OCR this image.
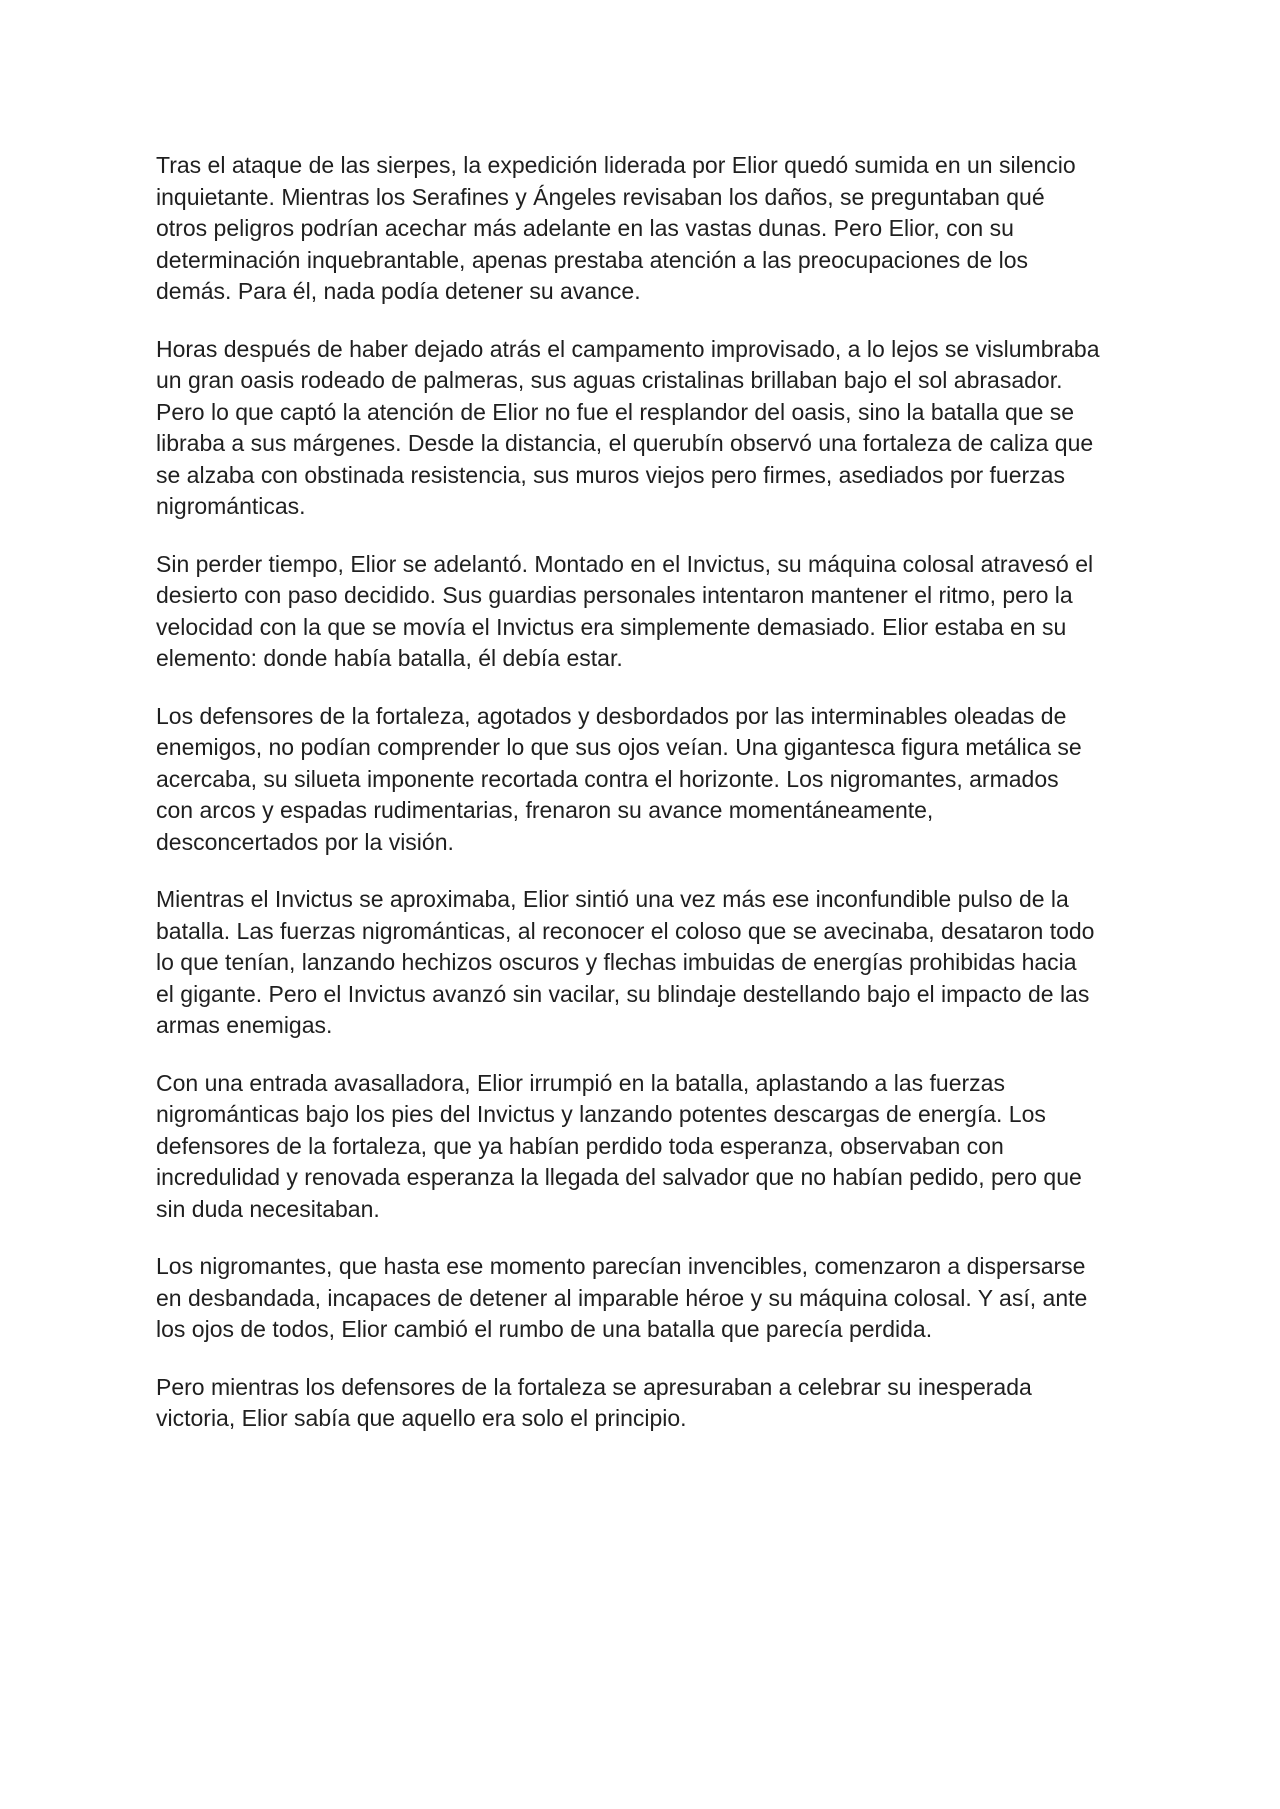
Tras el ataque de las sierpes, la expedición liderada por Elior quedó sumida en un silencio
inquietante. Mientras los Serafines y Ángeles revisaban los daños, se preguntaban qué
otros peligros podrían acechar más adelante en las vastas dunas. Pero Elior, con su
determinación inquebrantable, apenas prestaba atención a las preocupaciones de los
demás. Para él, nada podía detener su avance.

Horas después de haber dejado atrás el campamento improvisado, a lo lejos se vislumbraba
un gran oasis rodeado de palmeras, sus aguas cristalinas brillaban bajo el sol abrasador.
Pero lo que captó la atención de Elior no fue el resplandor del oasis, sino la batalla que se
libraba a sus márgenes. Desde la distancia, el querubín observó una fortaleza de caliza que
se alzaba con obstinada resistencia, sus muros viejos pero firmes, asediados por fuerzas
nigrománticas.

Sin perder tiempo, Elior se adelantó. Montado en el Invictus, su máquina colosal atravesó el
desierto con paso decidido. Sus guardias personales intentaron mantener el ritmo, pero la
velocidad con la que se movía el Invictus era simplemente demasiado. Elior estaba en su
elemento: donde había batalla, él debía estar.

Los defensores de la fortaleza, agotados y desbordados por las interminables oleadas de
enemigos, no podían comprender lo que sus ojos veían. Una gigantesca figura metálica se
acercaba, su silueta imponente recortada contra el horizonte. Los nigromantes, armados
con arcos y espadas rudimentarias, frenaron su avance momentáneamente,
desconcertados por la visión.

Mientras el Invictus se aproximaba, Elior sintió una vez más ese inconfundible pulso de la
batalla. Las fuerzas nigrománticas, al reconocer el coloso que se avecinaba, desataron todo
lo que tenían, lanzando hechizos oscuros y flechas imbuidas de energías prohibidas hacia
el gigante. Pero el Invictus avanzó sin vacilar, su blindaje destellando bajo el impacto de las
armas enemigas.

Con una entrada avasalladora, Elior irrumpió en la batalla, aplastando a las fuerzas
nigrománticas bajo los pies del Invictus y lanzando potentes descargas de energía. Los
defensores de la fortaleza, que ya habían perdido toda esperanza, observaban con
incredulidad y renovada esperanza la llegada del salvador que no habían pedido, pero que
sin duda necesitaban.

Los nigromantes, que hasta ese momento parecían invencibles, comenzaron a dispersarse
en desbandada, incapaces de detener al imparable héroe y su máquina colosal. Y así, ante
los ojos de todos, Elior cambió el rumbo de una batalla que parecía perdida.

Pero mientras los defensores de la fortaleza se apresuraban a celebrar su inesperada
victoria, Elior sabía que aquello era solo el principio.
